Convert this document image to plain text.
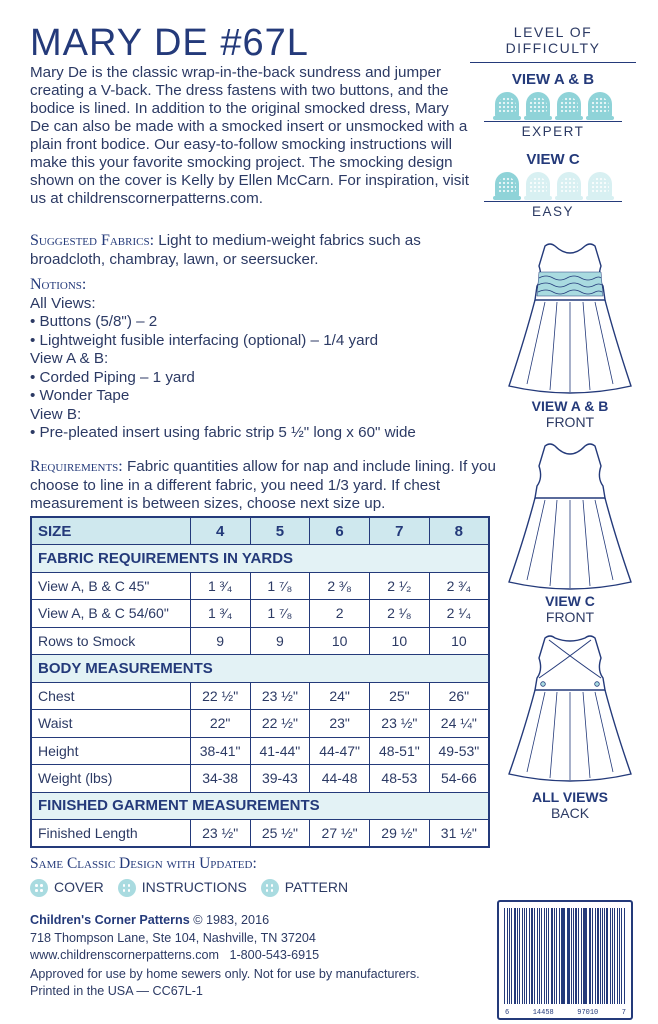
MARY DE #67L

Mary De is the classic wrap-in-the-back sundress and jumper creating a V-back. The dress fastens with two buttons, and the bodice is lined. In addition to the original smocked dress, Mary De can also be made with a smocked insert or unsmocked with a plain front bodice. Our easy-to-follow smocking instructions will make this your favorite smocking project. The smocking design shown on the cover is Kelly by Ellen McCarn. For inspiration, visit us at childrenscornerpatterns.com.

Suggested Fabrics: Light to medium-weight fabrics such as broadcloth, chambray, lawn, or seersucker.
Notions:
All Views:
• Buttons (5/8") – 2
• Lightweight fusible interfacing (optional) – 1/4 yard
View A & B:
• Corded Piping – 1 yard
• Wonder Tape
View B:
• Pre-pleated insert using fabric strip 5 ½" long x 60" wide
Requirements: Fabric quantities allow for nap and include lining. If you choose to line in a different fabric, you need 1/3 yard. If chest measurement is between sizes, choose next size up.
LEVEL OF DIFFICULTY
VIEW A & B
EXPERT
VIEW C
EASY
VIEW A & B
FRONT
VIEW C
FRONT
ALL VIEWS
BACK
SIZE	4	5	6	7	8
FABRIC REQUIREMENTS IN YARDS					
View A, B & C 45"	1 ³⁄₄	1 ⁷⁄₈	2 ³⁄₈	2 ¹⁄₂	2 ³⁄₄
View A, B & C 54/60"	1 ³⁄₄	1 ⁷⁄₈	2	2 ¹⁄₈	2 ¹⁄₄
Rows to Smock	9	9	10	10	10
BODY MEASUREMENTS					
Chest	22 ½"	23 ½"	24"	25"	26"
Waist	22"	22 ½"	23"	23 ½"	24 ¼"
Height	38-41"	41-44"	44-47"	48-51"	49-53"
Weight (lbs)	34-38	39-43	44-48	48-53	54-66
FINISHED GARMENT MEASUREMENTS					
Finished Length	23 ½"	25 ½"	27 ½"	29 ½"	31 ½"
Same Classic Design with Updated:
COVER	INSTRUCTIONS	PATTERN
Children's Corner Patterns © 1983, 2016
718 Thompson Lane, Ste 104, Nashville, TN 37204
www.childrenscornerpatterns.com 1-800-543-6915
Approved for use by home sewers only. Not for use by manufacturers.
Printed in the USA — CC67L-1
6	14458	97010	7
